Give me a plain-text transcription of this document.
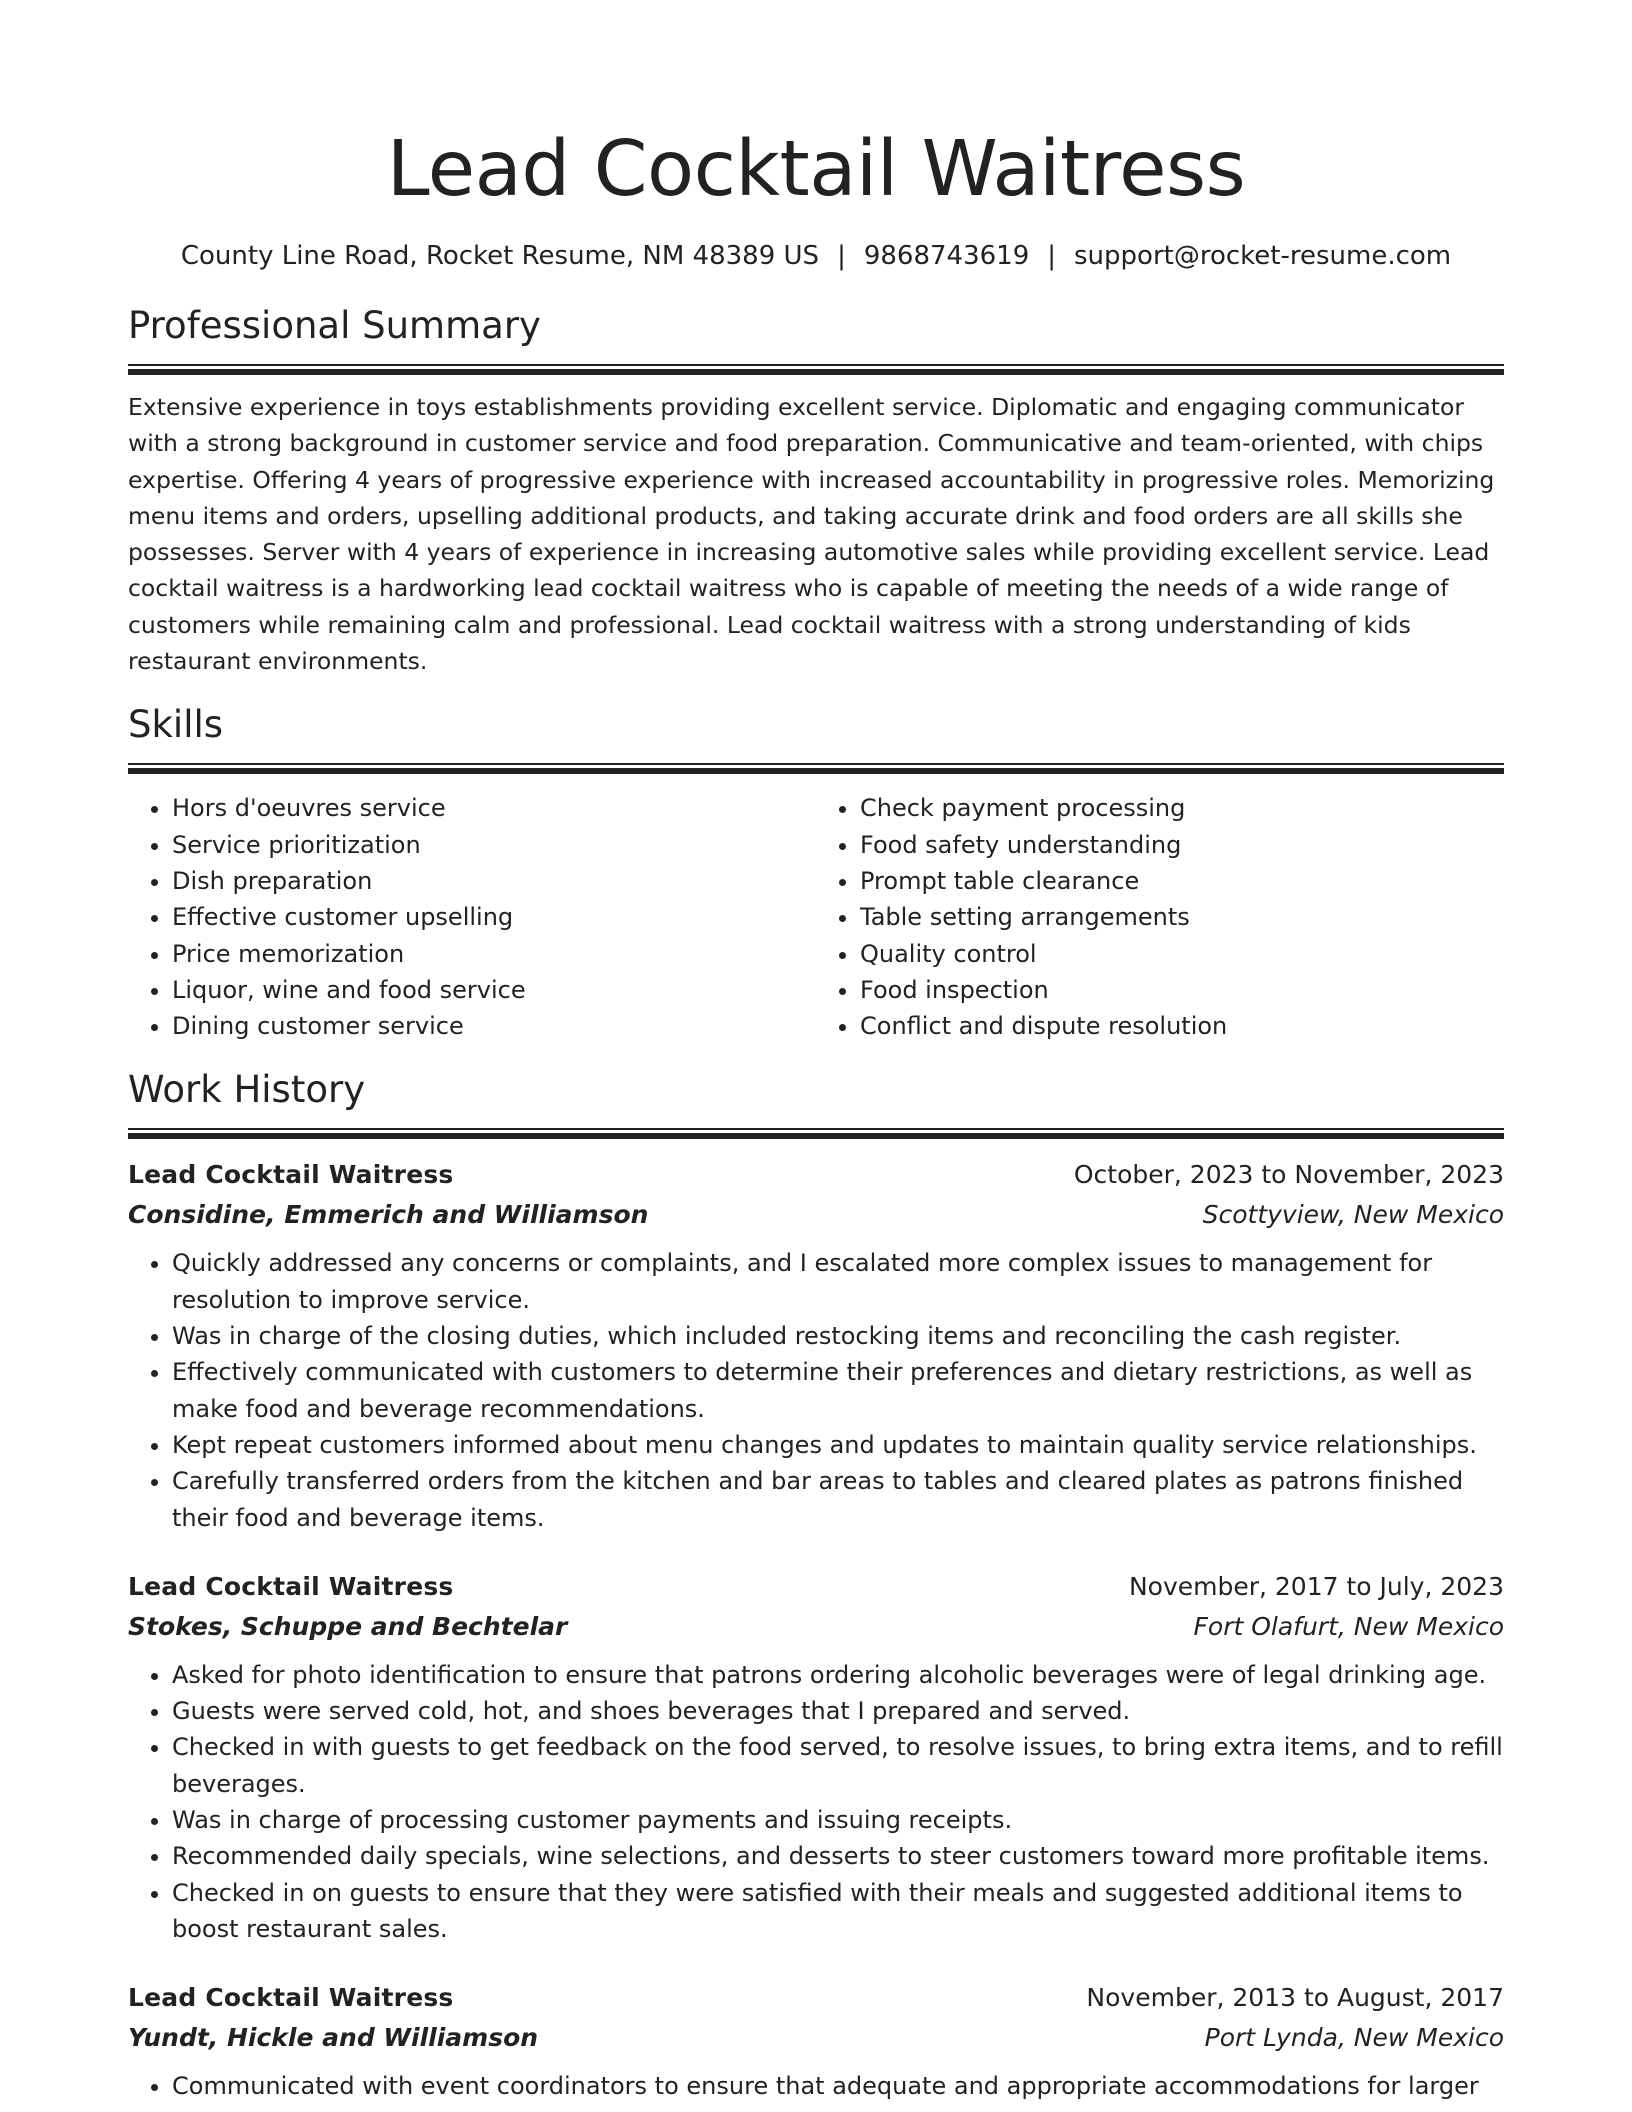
Lead Cocktail Waitress
County Line Road, Rocket Resume, NM 48389 US | 9868743619 | support@rocket-resume.com
Professional Summary

Extensive experience in toys establishments providing excellent service. Diplomatic and engaging communicator with a strong background in customer service and food preparation. Communicative and team-oriented, with chips expertise. Offering 4 years of progressive experience with increased accountability in progressive roles. Memorizing menu items and orders, upselling additional products, and taking accurate drink and food orders are all skills she possesses. Server with 4 years of experience in increasing automotive sales while providing excellent service. Lead cocktail waitress is a hardworking lead cocktail waitress who is capable of meeting the needs of a wide range of customers while remaining calm and professional. Lead cocktail waitress with a strong understanding of kids restaurant environments.

Skills
• Hors d'oeuvres service
• Service prioritization
• Dish preparation
• Effective customer upselling
• Price memorization
• Liquor, wine and food service
• Dining customer service
• Check payment processing
• Food safety understanding
• Prompt table clearance
• Table setting arrangements
• Quality control
• Food inspection
• Conflict and dispute resolution
Work History
Lead Cocktail Waitress	October, 2023 to November, 2023
Considine, Emmerich and Williamson	Scottyview, New Mexico
• Quickly addressed any concerns or complaints, and I escalated more complex issues to management for resolution to improve service.
• Was in charge of the closing duties, which included restocking items and reconciling the cash register.
• Effectively communicated with customers to determine their preferences and dietary restrictions, as well as make food and beverage recommendations.
• Kept repeat customers informed about menu changes and updates to maintain quality service relationships.
• Carefully transferred orders from the kitchen and bar areas to tables and cleared plates as patrons finished their food and beverage items.
Lead Cocktail Waitress	November, 2017 to July, 2023
Stokes, Schuppe and Bechtelar	Fort Olafurt, New Mexico
• Asked for photo identification to ensure that patrons ordering alcoholic beverages were of legal drinking age.
• Guests were served cold, hot, and shoes beverages that I prepared and served.
• Checked in with guests to get feedback on the food served, to resolve issues, to bring extra items, and to refill beverages.
• Was in charge of processing customer payments and issuing receipts.
• Recommended daily specials, wine selections, and desserts to steer customers toward more profitable items.
• Checked in on guests to ensure that they were satisfied with their meals and suggested additional items to boost restaurant sales.
Lead Cocktail Waitress	November, 2013 to August, 2017
Yundt, Hickle and Williamson	Port Lynda, New Mexico
• Communicated with event coordinators to ensure that adequate and appropriate accommodations for larger
